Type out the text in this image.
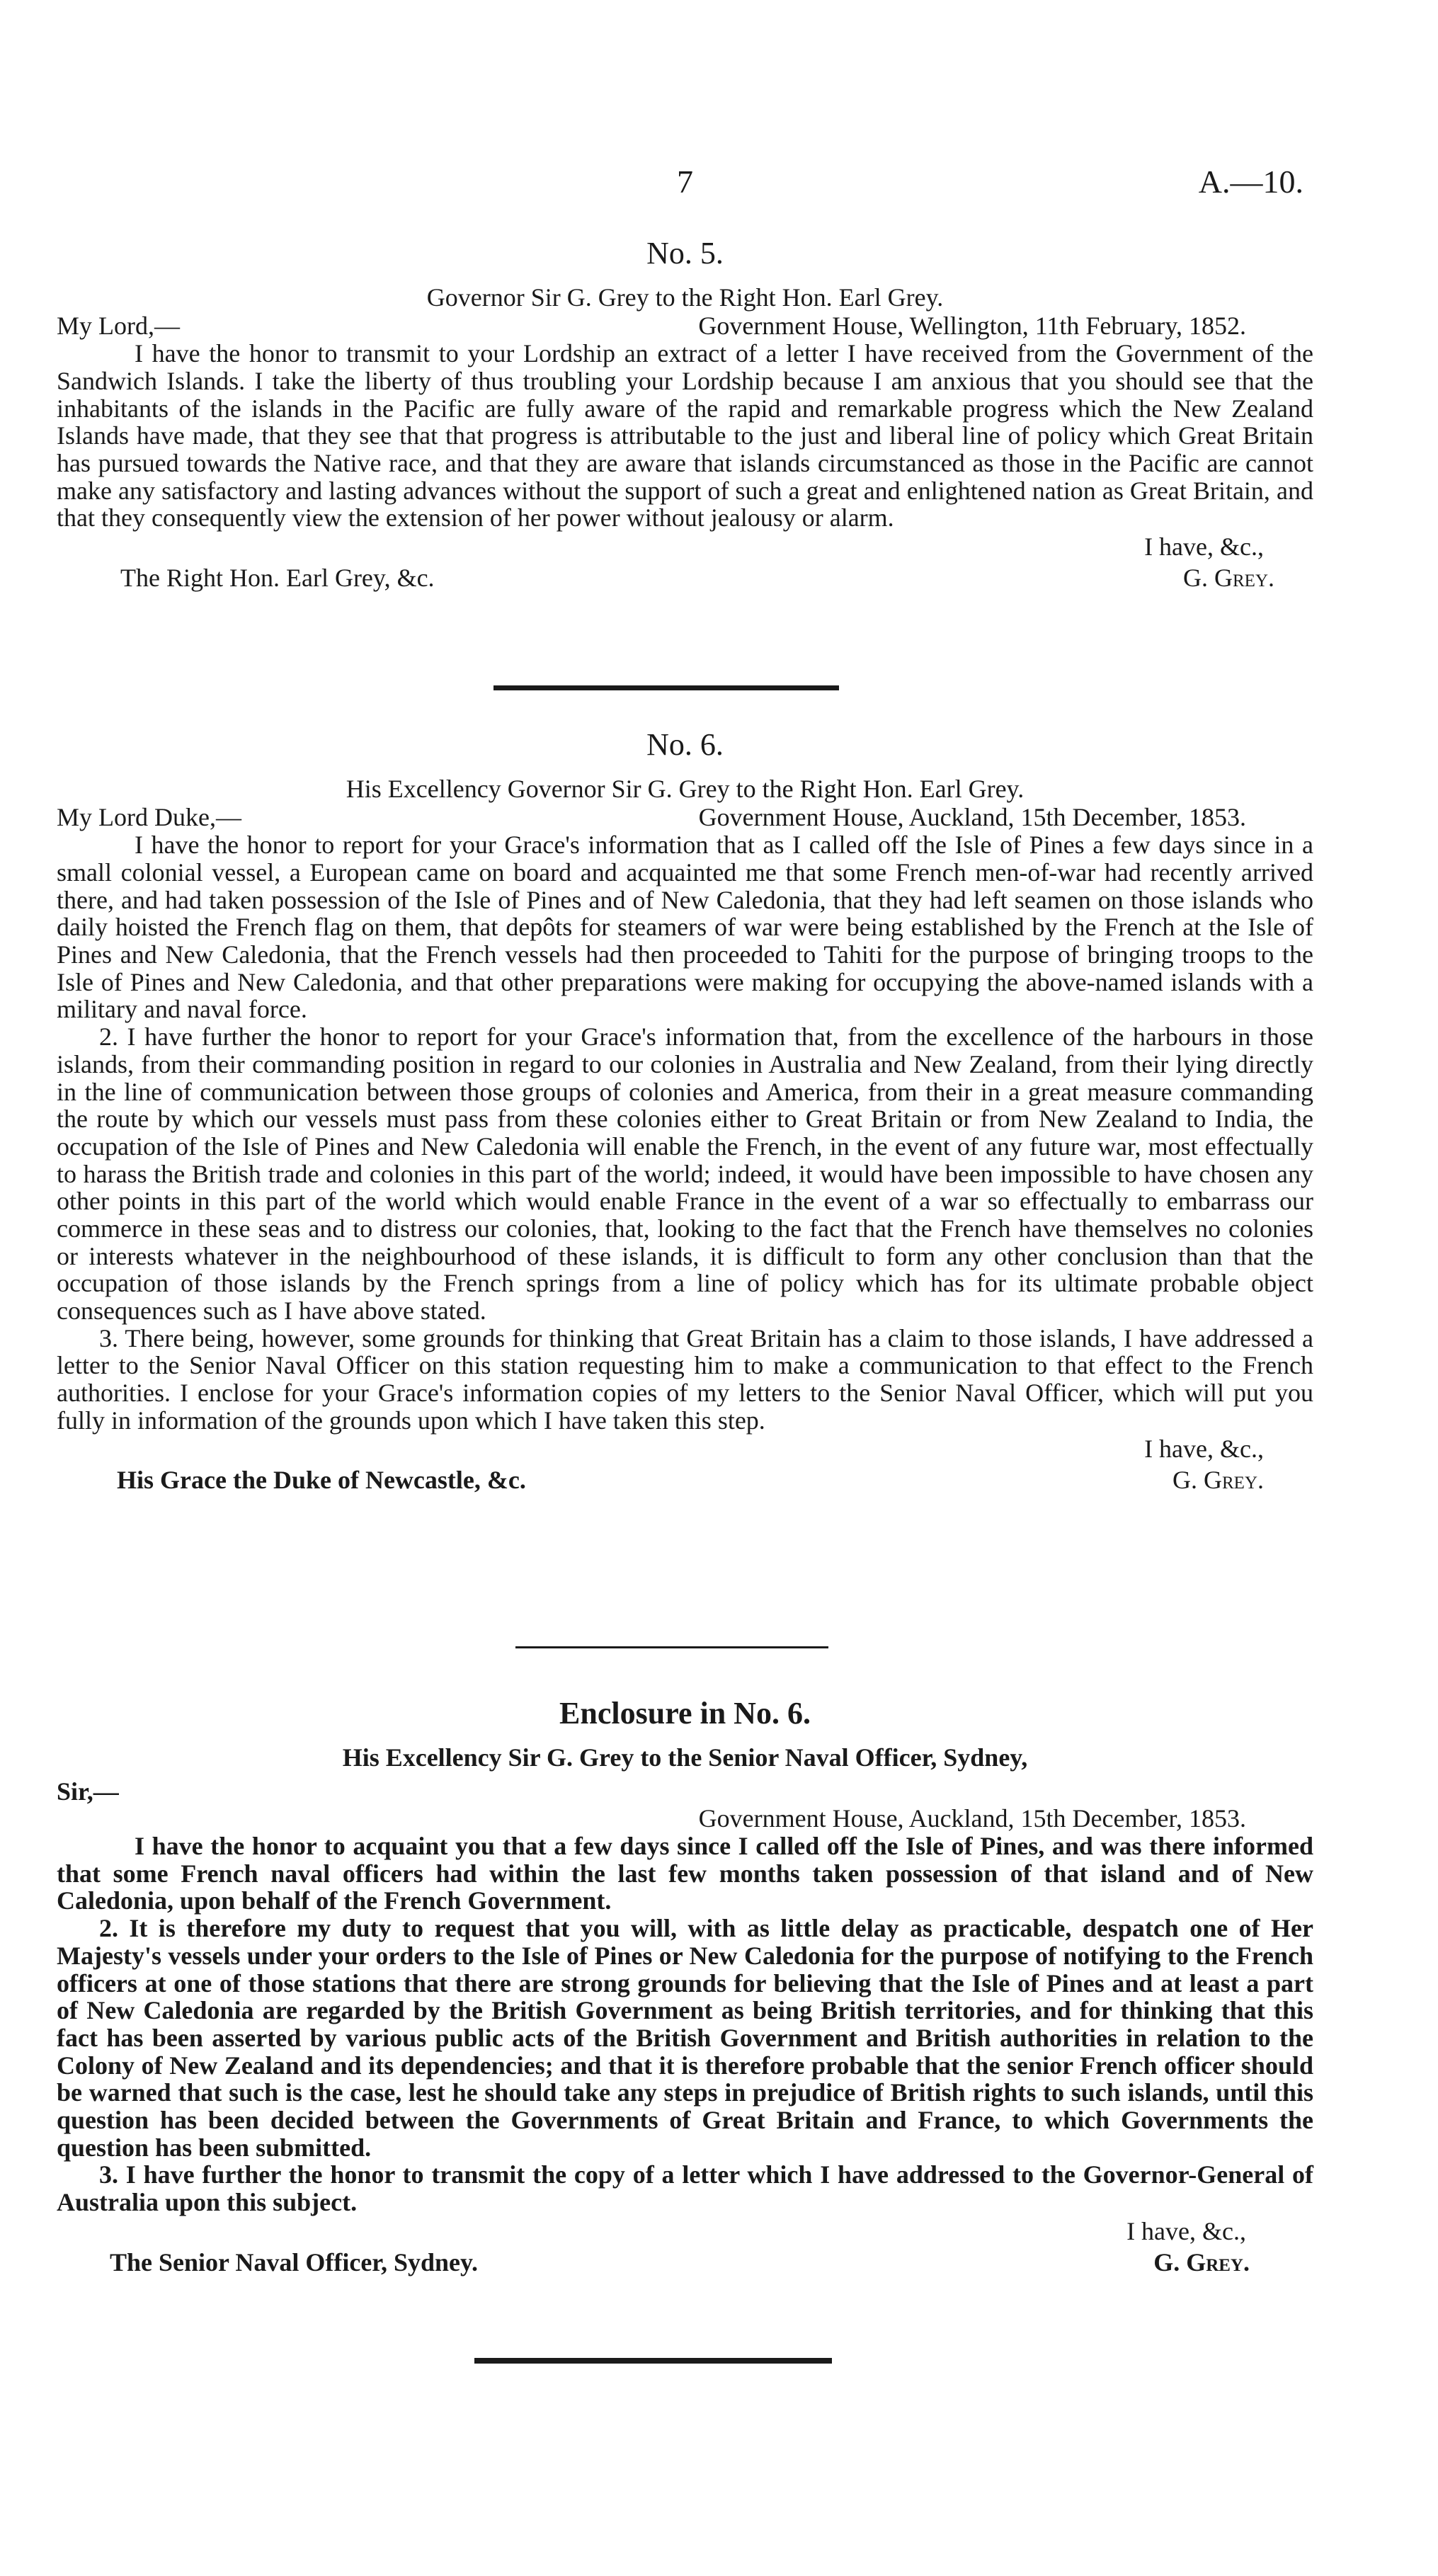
7	A.—10.

No. 5.

Governor Sir G. Grey to the Right Hon. Earl Grey.

My Lord,—	Government House, Wellington, 11th February, 1852.

I have the honor to transmit to your Lordship an extract of a letter I have received from the Government of the Sandwich Islands. I take the liberty of thus troubling your Lordship because I am anxious that you should see that the inhabitants of the islands in the Pacific are fully aware of the rapid and remarkable progress which the New Zealand Islands have made, that they see that that progress is attributable to the just and liberal line of policy which Great Britain has pursued towards the Native race, and that they are aware that islands circumstanced as those in the Pacific are cannot make any satisfactory and lasting advances without the support of such a great and enlightened nation as Great Britain, and that they consequently view the extension of her power without jealousy or alarm.

I have, &c.,
The Right Hon. Earl Grey, &c.	G. Grey.

No. 6.

His Excellency Governor Sir G. Grey to the Right Hon. Earl Grey.

My Lord Duke,—	Government House, Auckland, 15th December, 1853.

I have the honor to report for your Grace's information that as I called off the Isle of Pines a few days since in a small colonial vessel, a European came on board and acquainted me that some French men-of-war had recently arrived there, and had taken possession of the Isle of Pines and of New Caledonia, that they had left seamen on those islands who daily hoisted the French flag on them, that depôts for steamers of war were being established by the French at the Isle of Pines and New Caledonia, that the French vessels had then proceeded to Tahiti for the purpose of bringing troops to the Isle of Pines and New Caledonia, and that other preparations were making for occupying the above-named islands with a military and naval force.

2. I have further the honor to report for your Grace's information that, from the excellence of the harbours in those islands, from their commanding position in regard to our colonies in Australia and New Zealand, from their lying directly in the line of communication between those groups of colonies and America, from their in a great measure commanding the route by which our vessels must pass from these colonies either to Great Britain or from New Zealand to India, the occupation of the Isle of Pines and New Caledonia will enable the French, in the event of any future war, most effectually to harass the British trade and colonies in this part of the world; indeed, it would have been impossible to have chosen any other points in this part of the world which would enable France in the event of a war so effectually to embarrass our commerce in these seas and to distress our colonies, that, looking to the fact that the French have themselves no colonies or interests whatever in the neighbourhood of these islands, it is difficult to form any other conclusion than that the occupation of those islands by the French springs from a line of policy which has for its ultimate probable object consequences such as I have above stated.

3. There being, however, some grounds for thinking that Great Britain has a claim to those islands, I have addressed a letter to the Senior Naval Officer on this station requesting him to make a communication to that effect to the French authorities. I enclose for your Grace's information copies of my letters to the Senior Naval Officer, which will put you fully in information of the grounds upon which I have taken this step.

I have, &c.,
His Grace the Duke of Newcastle, &c.	G. Grey.

Enclosure in No. 6.

His Excellency Sir G. Grey to the Senior Naval Officer, Sydney,

Sir,—
Government House, Auckland, 15th December, 1853.

I have the honor to acquaint you that a few days since I called off the Isle of Pines, and was there informed that some French naval officers had within the last few months taken possession of that island and of New Caledonia, upon behalf of the French Government.

2. It is therefore my duty to request that you will, with as little delay as practicable, despatch one of Her Majesty's vessels under your orders to the Isle of Pines or New Caledonia for the purpose of notifying to the French officers at one of those stations that there are strong grounds for believing that the Isle of Pines and at least a part of New Caledonia are regarded by the British Government as being British territories, and for thinking that this fact has been asserted by various public acts of the British Government and British authorities in relation to the Colony of New Zealand and its dependencies; and that it is therefore probable that the senior French officer should be warned that such is the case, lest he should take any steps in prejudice of British rights to such islands, until this question has been decided between the Governments of Great Britain and France, to which Governments the question has been submitted.

3. I have further the honor to transmit the copy of a letter which I have addressed to the Governor-General of Australia upon this subject.

I have, &c.,
The Senior Naval Officer, Sydney.	G. Grey.
